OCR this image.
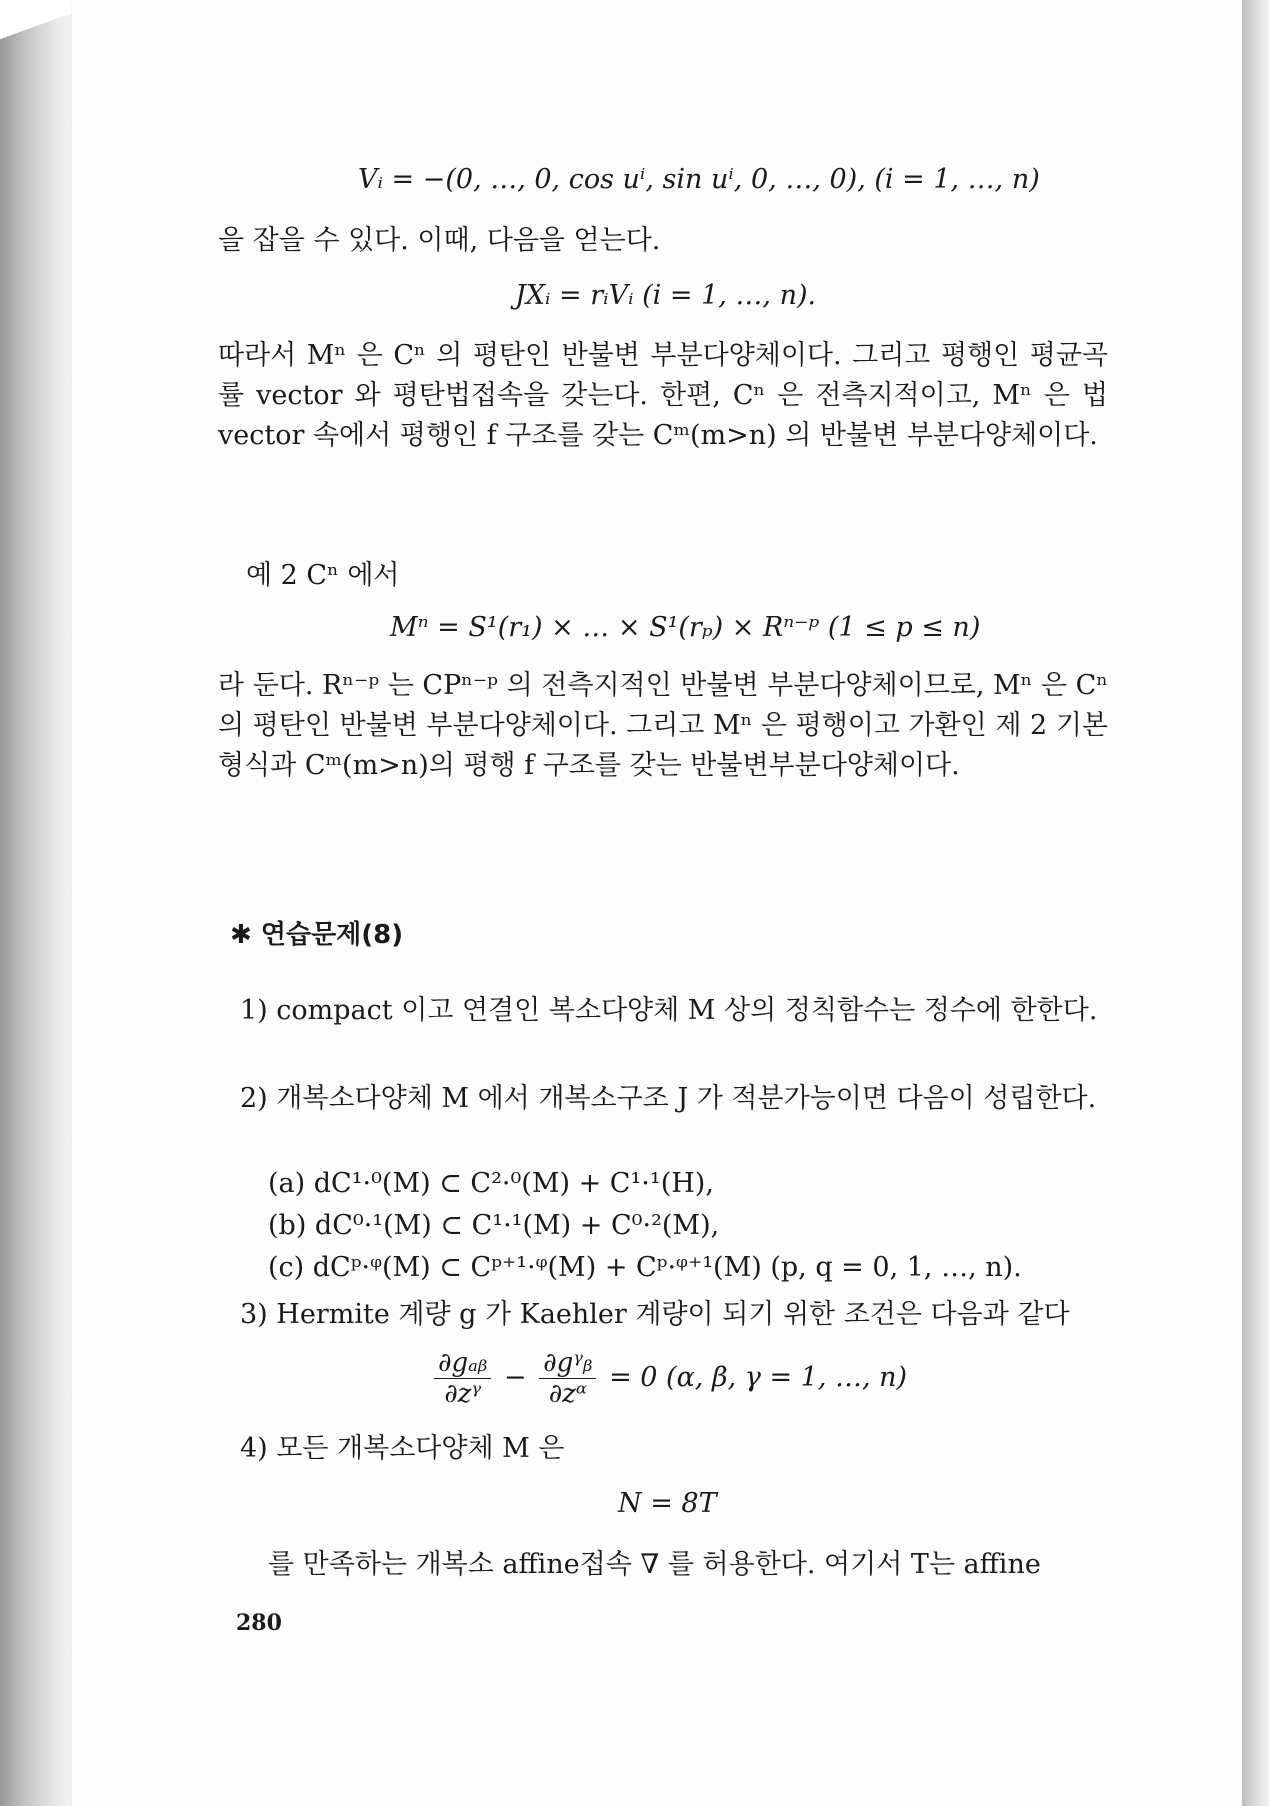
Vᵢ = −(0, …, 0, cos uⁱ, sin uⁱ, 0, …, 0), (i = 1, …, n)
을 잡을 수 있다. 이때, 다음을 얻는다.
JXᵢ = rᵢVᵢ (i = 1, …, n).
따라서 Mⁿ 은 Cⁿ 의 평탄인 반불변 부분다양체이다. 그리고 평행인 평균곡률 vector 와 평탄법접속을 갖는다. 한편, Cⁿ 은 전측지적이고, Mⁿ 은 법 vector 속에서 평행인 f 구조를 갖는 Cᵐ(m>n) 의 반불변 부분다양체이다.
예 2 Cⁿ 에서
Mⁿ = S¹(r₁) × … × S¹(rₚ) × Rⁿ⁻ᵖ (1 ≤ p ≤ n)
라 둔다. Rⁿ⁻ᵖ 는 CPⁿ⁻ᵖ 의 전측지적인 반불변 부분다양체이므로, Mⁿ 은 Cⁿ 의 평탄인 반불변 부분다양체이다. 그리고 Mⁿ 은 평행이고 가환인 제 2 기본형식과 Cᵐ(m>n)의 평행 f 구조를 갖는 반불변부분다양체이다.
✱ 연습문제(8)
1) compact 이고 연결인 복소다양체 M 상의 정칙함수는 정수에 한한다.
2) 개복소다양체 M 에서 개복소구조 J 가 적분가능이면 다음이 성립한다.
(a) dC¹·⁰(M) ⊂ C²·⁰(M) + C¹·¹(H),
(b) dC⁰·¹(M) ⊂ C¹·¹(M) + C⁰·²(M),
(c) dCᵖ·ᵠ(M) ⊂ Cᵖ⁺¹·ᵠ(M) + Cᵖ·ᵠ⁺¹(M) (p, q = 0, 1, …, n).
3) Hermite 계량 g 가 Kaehler 계량이 되기 위한 조건은 다음과 같다
$\frac{\text{∂gₐᵦ}}{\text{∂zᵞ}} - \frac{\text{∂gᵞᵦ}}{\text{∂zᵅ}} = 0$ (α, β, γ = 1, …, n)
4) 모든 개복소다양체 M 은
N = 8T
를 만족하는 개복소 affine접속 ∇ 를 허용한다. 여기서 T는 affine
280
